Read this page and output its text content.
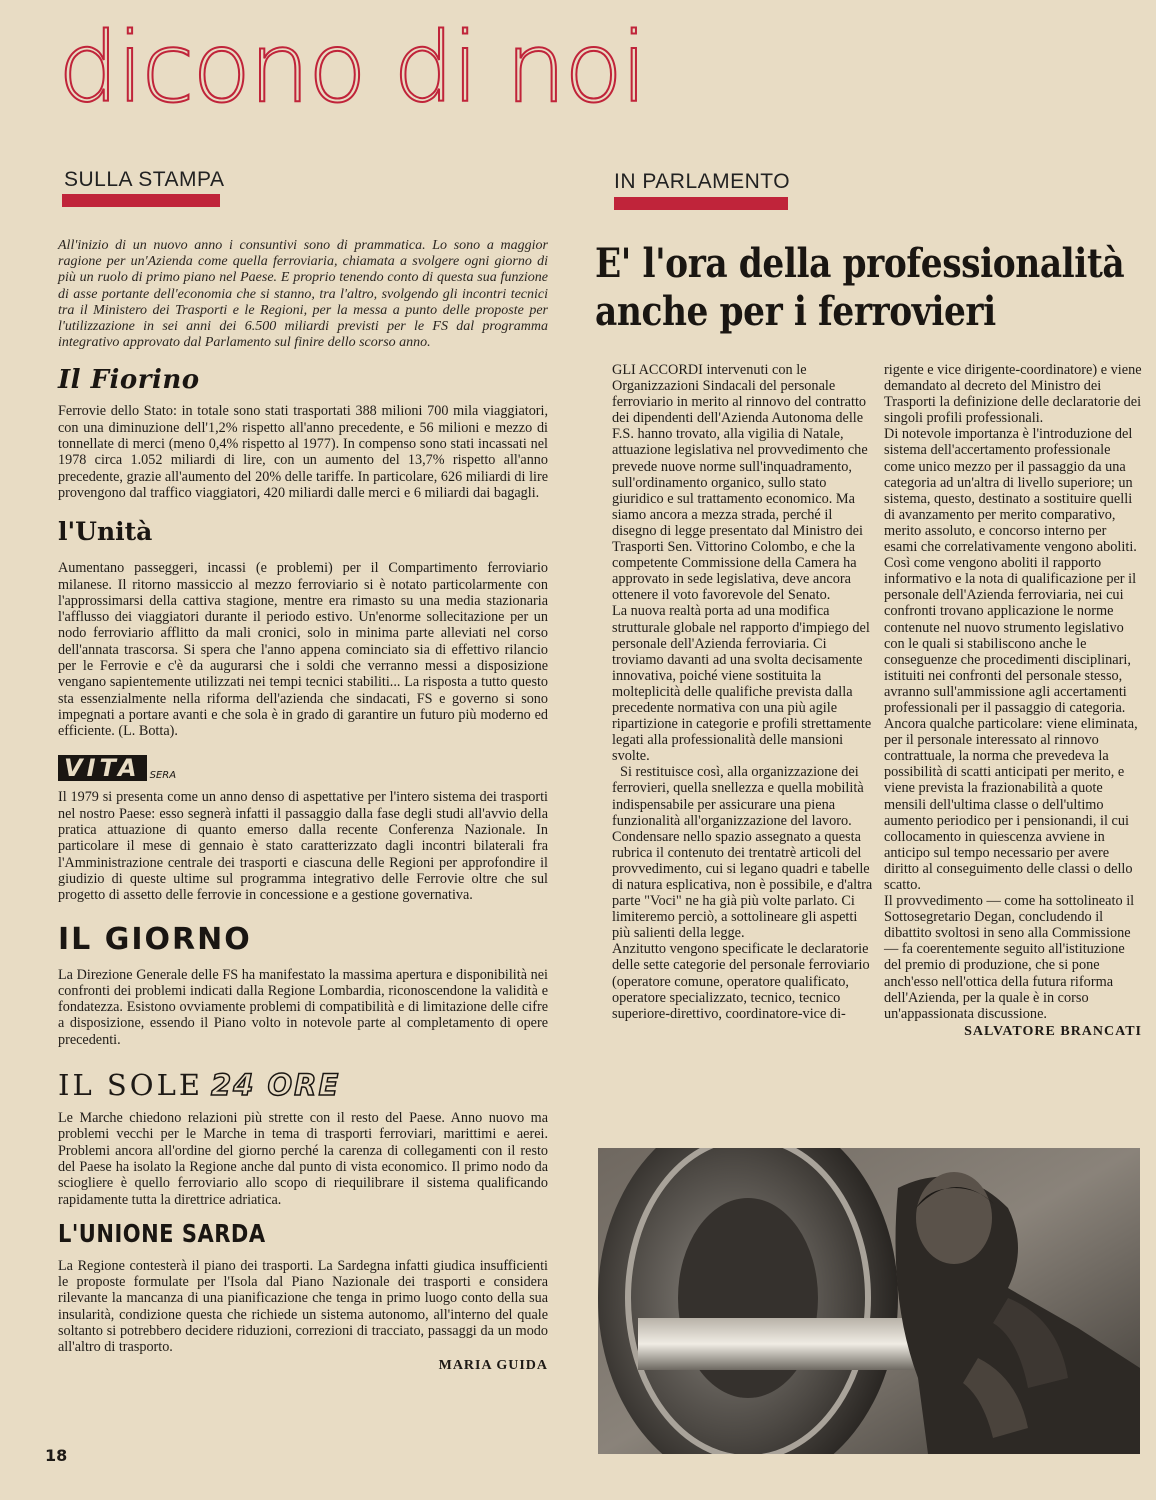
dicono di noi
SULLA STAMPA	IN PARLAMENTO

All'inizio di un nuovo anno i consuntivi sono di prammatica. Lo sono a maggior ragione per un'Azienda come quella ferroviaria, chiamata a svolgere ogni giorno di più un ruolo di primo piano nel Paese. E proprio tenendo conto di questa sua funzione di asse portante dell'economia che si stanno, tra l'altro, svolgendo gli incontri tecnici tra il Ministero dei Trasporti e le Regioni, per la messa a punto delle proposte per l'utilizzazione in sei anni dei 6.500 miliardi previsti per le FS dal programma integrativo approvato dal Parlamento sul finire dello scorso anno.

Il Fiorino

Ferrovie dello Stato: in totale sono stati trasportati 388 milioni 700 mila viaggiatori, con una diminuzione dell'1,2% rispetto all'anno precedente, e 56 milioni e mezzo di tonnellate di merci (meno 0,4% rispetto al 1977). In compenso sono stati incassati nel 1978 circa 1.052 miliardi di lire, con un aumento del 13,7% rispetto all'anno precedente, grazie all'aumento del 20% delle tariffe. In particolare, 626 miliardi di lire provengono dal traffico viaggiatori, 420 miliardi dalle merci e 6 miliardi dai bagagli.

l'Unità

Aumentano passeggeri, incassi (e problemi) per il Compartimento ferroviario milanese. Il ritorno massiccio al mezzo ferroviario si è notato particolarmente con l'approssimarsi della cattiva stagione, mentre era rimasto su una media stazionaria l'afflusso dei viaggiatori durante il periodo estivo. Un'enorme sollecitazione per un nodo ferroviario afflitto da mali cronici, solo in minima parte alleviati nel corso dell'annata trascorsa. Si spera che l'anno appena cominciato sia di effettivo rilancio per le Ferrovie e c'è da augurarsi che i soldi che verranno messi a disposizione vengano sapientemente utilizzati nei tempi tecnici stabiliti... La risposta a tutto questo sta essenzialmente nella riforma dell'azienda che sindacati, FS e governo si sono impegnati a portare avanti e che sola è in grado di garantire un futuro più moderno ed efficiente. (L. Botta).

VITA SERA

Il 1979 si presenta come un anno denso di aspettative per l'intero sistema dei trasporti nel nostro Paese: esso segnerà infatti il passaggio dalla fase degli studi all'avvio della pratica attuazione di quanto emerso dalla recente Conferenza Nazionale. In particolare il mese di gennaio è stato caratterizzato dagli incontri bilaterali fra l'Amministrazione centrale dei trasporti e ciascuna delle Regioni per approfondire il giudizio di queste ultime sul programma integrativo delle Ferrovie oltre che sul progetto di assetto delle ferrovie in concessione e a gestione governativa.

IL GIORNO

La Direzione Generale delle FS ha manifestato la massima apertura e disponibilità nei confronti dei problemi indicati dalla Regione Lombardia, riconoscendone la validità e fondatezza. Esistono ovviamente problemi di compatibilità e di limitazione delle cifre a disposizione, essendo il Piano volto in notevole parte al completamento di opere precedenti.

IL SOLE 24 ORE

Le Marche chiedono relazioni più strette con il resto del Paese. Anno nuovo ma problemi vecchi per le Marche in tema di trasporti ferroviari, marittimi e aerei. Problemi ancora all'ordine del giorno perché la carenza di collegamenti con il resto del Paese ha isolato la Regione anche dal punto di vista economico. Il primo nodo da sciogliere è quello ferroviario allo scopo di riequilibrare il sistema qualificando rapidamente tutta la direttrice adriatica.

L'UNIONE SARDA

La Regione contesterà il piano dei trasporti. La Sardegna infatti giudica insufficienti le proposte formulate per l'Isola dal Piano Nazionale dei trasporti e considera rilevante la mancanza di una pianificazione che tenga in primo luogo conto della sua insularità, condizione questa che richiede un sistema autonomo, all'interno del quale soltanto si potrebbero decidere riduzioni, correzioni di tracciato, passaggi da un modo all'altro di trasporto.

MARIA GUIDA
E' l'ora della professionalità
anche per i ferrovieri

GLI ACCORDI intervenuti con le Organizzazioni Sindacali del personale ferroviario in merito al rinnovo del contratto dei dipendenti dell'Azienda Autonoma delle F.S. hanno trovato, alla vigilia di Natale, attuazione legislativa nel provvedimento che prevede nuove norme sull'inquadramento, sull'ordinamento organico, sullo stato giuridico e sul trattamento economico. Ma siamo ancora a mezza strada, perché il disegno di legge presentato dal Ministro dei Trasporti Sen. Vittorino Colombo, e che la competente Commissione della Camera ha approvato in sede legislativa, deve ancora ottenere il voto favorevole del Senato.

La nuova realtà porta ad una modifica strutturale globale nel rapporto d'impiego del personale dell'Azienda ferroviaria. Ci troviamo davanti ad una svolta decisamente innovativa, poiché viene sostituita la molteplicità delle qualifiche prevista dalla precedente normativa con una più agile ripartizione in categorie e profili strettamente legati alla professionalità delle mansioni svolte.

Si restituisce così, alla organizzazione dei ferrovieri, quella snellezza e quella mobilità indispensabile per assicurare una piena funzionalità all'organizzazione del lavoro.

Condensare nello spazio assegnato a questa rubrica il contenuto dei trentatrè articoli del provvedimento, cui si legano quadri e tabelle di natura esplicativa, non è possibile, e d'altra parte "Voci" ne ha già più volte parlato. Ci limiteremo perciò, a sottolineare gli aspetti più salienti della legge.

Anzitutto vengono specificate le declaratorie delle sette categorie del personale ferroviario (operatore comune, operatore qualificato, operatore specializzato, tecnico, tecnico superiore-direttivo, coordinatore-vice di-

rigente e vice dirigente-coordinatore) e viene demandato al decreto del Ministro dei Trasporti la definizione delle declaratorie dei singoli profili professionali.

Di notevole importanza è l'introduzione del sistema dell'accertamento professionale come unico mezzo per il passaggio da una categoria ad un'altra di livello superiore; un sistema, questo, destinato a sostituire quelli di avanzamento per merito comparativo, merito assoluto, e concorso interno per esami che correlativamente vengono aboliti. Così come vengono aboliti il rapporto informativo e la nota di qualificazione per il personale dell'Azienda ferroviaria, nei cui confronti trovano applicazione le norme contenute nel nuovo strumento legislativo con le quali si stabiliscono anche le conseguenze che procedimenti disciplinari, istituiti nei confronti del personale stesso, avranno sull'ammissione agli accertamenti professionali per il passaggio di categoria.

Ancora qualche particolare: viene eliminata, per il personale interessato al rinnovo contrattuale, la norma che prevedeva la possibilità di scatti anticipati per merito, e viene prevista la frazionabilità a quote mensili dell'ultima classe o dell'ultimo aumento periodico per i pensionandi, il cui collocamento in quiescenza avviene in anticipo sul tempo necessario per avere diritto al conseguimento delle classi o dello scatto.

Il provvedimento — come ha sottolineato il Sottosegretario Degan, concludendo il dibattito svoltosi in seno alla Commissione — fa coerentemente seguito all'istituzione del premio di produzione, che si pone anch'esso nell'ottica della futura riforma dell'Azienda, per la quale è in corso un'appassionata discussione.

SALVATORE BRANCATI
18
